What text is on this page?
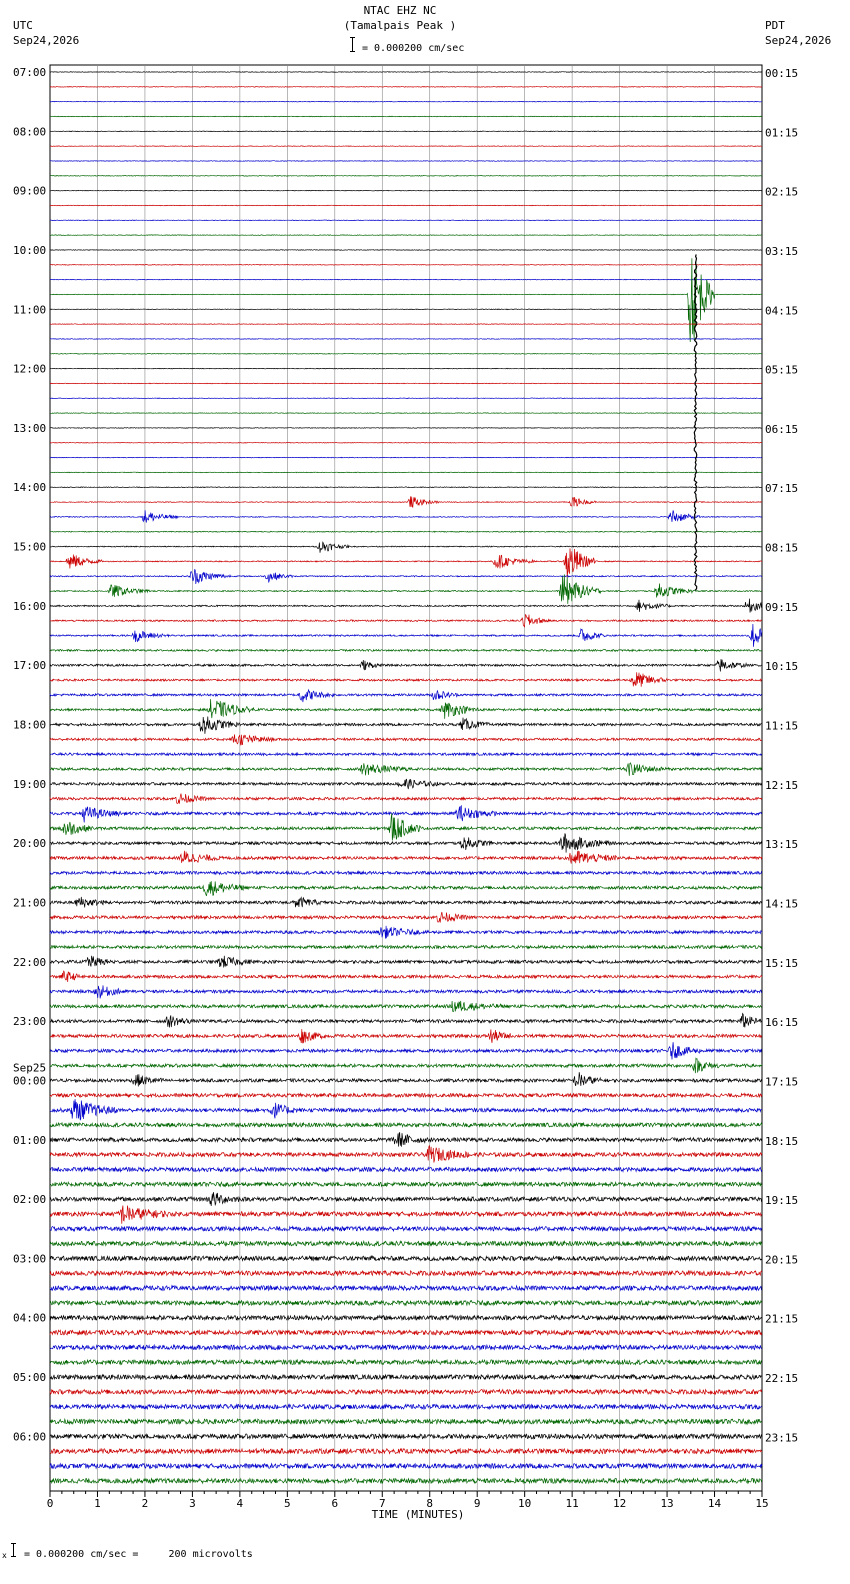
NTAC EHZ NC
(Tamalpais Peak )
= 0.000200 cm/sec
UTC
Sep24,2026
PDT
Sep24,2026
0	1	2	3	4	5	6	7	8	9	10	11	12	13	14	15
07:00
08:00
09:00
10:00
11:00
12:00
13:00
14:00
15:00
16:00
17:00
18:00
19:00
20:00
21:00
22:00
23:00
00:00
01:00
02:00
03:00
04:00
05:00
06:00
Sep25
00:15
01:15
02:15
03:15
04:15
05:15
06:15
07:15
08:15
09:15
10:15
11:15
12:15
13:15
14:15
15:15
16:15
17:15
18:15
19:15
20:15
21:15
22:15
23:15
TIME (MINUTES)
x = 0.000200 cm/sec =     200 microvolts
